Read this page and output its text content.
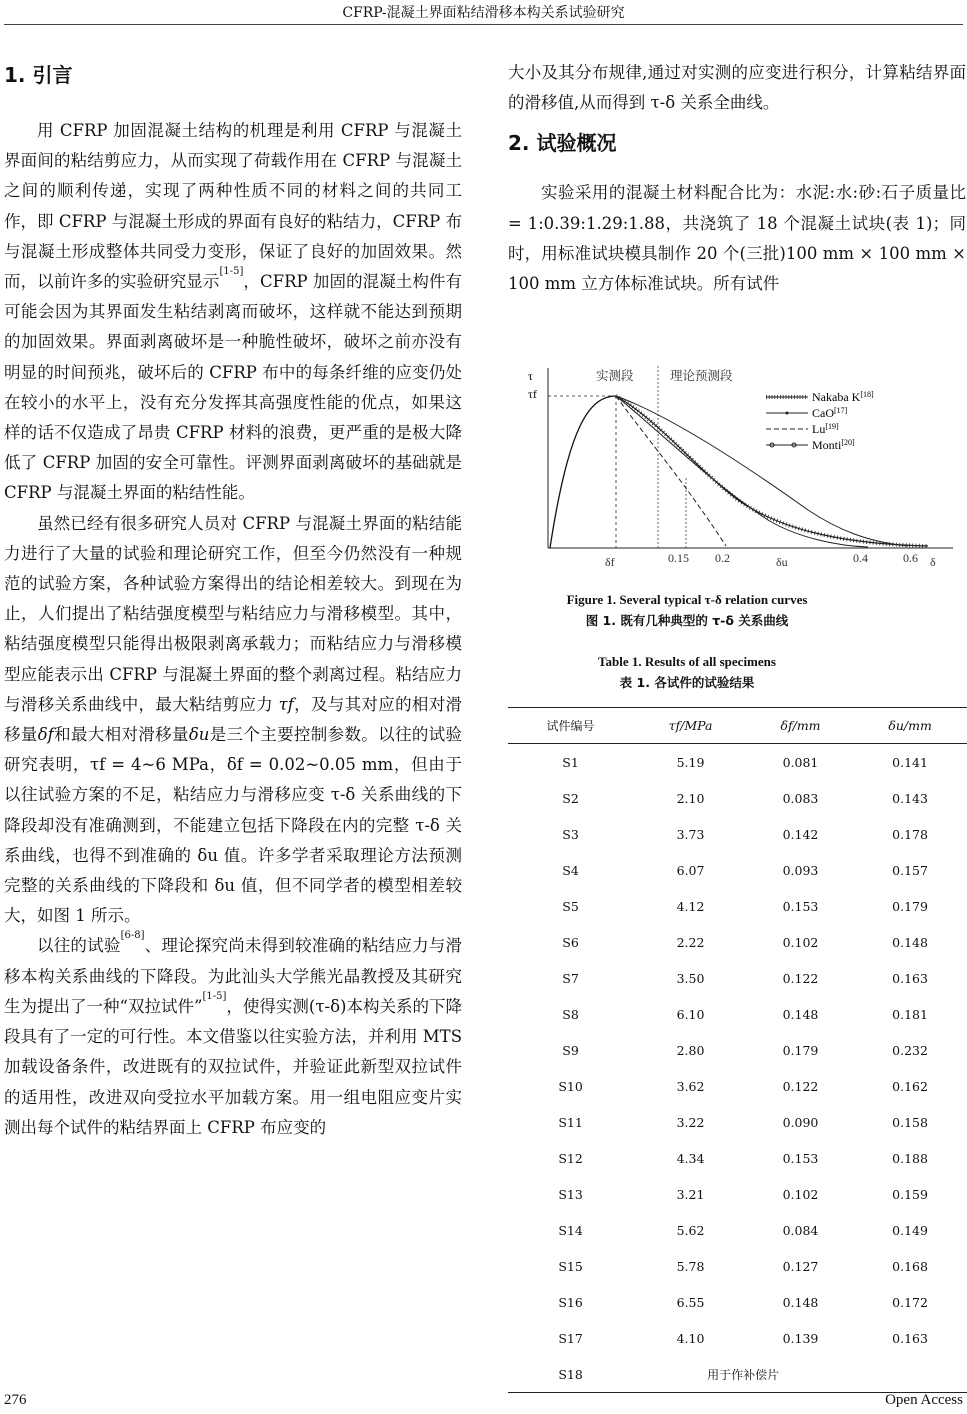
CFRP-混凝土界面粘结滑移本构关系试验研究
1. 引言

用 CFRP 加固混凝土结构的机理是利用 CFRP 与混凝土界面间的粘结剪应力，从而实现了荷载作用在 CFRP 与混凝土之间的顺利传递，实现了两种性质不同的材料之间的共同工作，即 CFRP 与混凝土形成的界面有良好的粘结力，CFRP 布与混凝土形成整体共同受力变形，保证了良好的加固效果。然而，以前许多的实验研究显示[1-5]，CFRP 加固的混凝土构件有可能会因为其界面发生粘结剥离而破坏，这样就不能达到预期的加固效果。界面剥离破坏是一种脆性破坏，破坏之前亦没有明显的时间预兆，破坏后的 CFRP 布中的每条纤维的应变仍处在较小的水平上，没有充分发挥其高强度性能的优点，如果这样的话不仅造成了昂贵 CFRP 材料的浪费，更严重的是极大降低了 CFRP 加固的安全可靠性。评测界面剥离破坏的基础就是 CFRP 与混凝土界面的粘结性能。

虽然已经有很多研究人员对 CFRP 与混凝土界面的粘结能力进行了大量的试验和理论研究工作，但至今仍然没有一种规范的试验方案，各种试验方案得出的结论相差较大。到现在为止，人们提出了粘结强度模型与粘结应力与滑移模型。其中，粘结强度模型只能得出极限剥离承载力；而粘结应力与滑移模型应能表示出 CFRP 与混凝土界面的整个剥离过程。粘结应力与滑移关系曲线中，最大粘结剪应力 τf，及与其对应的相对滑移量δf和最大相对滑移量δu是三个主要控制参数。以往的试验研究表明，τf = 4~6 MPa，δf = 0.02~0.05 mm，但由于以往试验方案的不足，粘结应力与滑移应变 τ-δ 关系曲线的下降段却没有准确测到，不能建立包括下降段在内的完整 τ-δ 关系曲线，也得不到准确的 δu 值。许多学者采取理论方法预测完整的关系曲线的下降段和 δu 值，但不同学者的模型相差较大，如图 1 所示。

以往的试验[6-8]、理论探究尚未得到较准确的粘结应力与滑移本构关系曲线的下降段。为此汕头大学熊光晶教授及其研究生为提出了一种“双拉试件”[1-5]，使得实测(τ-δ)本构关系的下降段具有了一定的可行性。本文借鉴以往实验方法，并利用 MTS 加载设备条件，改进既有的双拉试件，并验证此新型双拉试件的适用性，改进双向受拉水平加载方案。用一组电阻应变片实测出每个试件的粘结界面上 CFRP 布应变的

大小及其分布规律,通过对实测的应变进行积分，计算粘结界面的滑移值,从而得到 τ-δ 关系全曲线。

2. 试验概况

实验采用的混凝土材料配合比为：水泥:水:砂:石子质量比 = 1:0.39:1.29:1.88，共浇筑了 18 个混凝土试块(表 1)；同时，用标准试块模具制作 20 个(三批)100 mm × 100 mm × 100 mm 立方体标准试块。所有试件

τ
τf
实测段	理论预测段
δf	0.15 0.2	δu	0.4	0.6 δ
Nakaba K[18]
CaO[17]
Lu[19]
Monti[20]
Figure 1. Several typical τ-δ relation curves
图 1. 既有几种典型的 τ-δ 关系曲线
Table 1. Results of all specimens
表 1. 各试件的试验结果
试件编号	τf/MPa	δf/mm	δu/mm
S1	5.19	0.081	0.141
S2	2.10	0.083	0.143
S3	3.73	0.142	0.178
S4	6.07	0.093	0.157
S5	4.12	0.153	0.179
S6	2.22	0.102	0.148
S7	3.50	0.122	0.163
S8	6.10	0.148	0.181
S9	2.80	0.179	0.232
S10	3.62	0.122	0.162
S11	3.22	0.090	0.158
S12	4.34	0.153	0.188
S13	3.21	0.102	0.159
S14	5.62	0.084	0.149
S15	5.78	0.127	0.168
S16	6.55	0.148	0.172
S17	4.10	0.139	0.163
S18	用于作补偿片		
276	Open Access
